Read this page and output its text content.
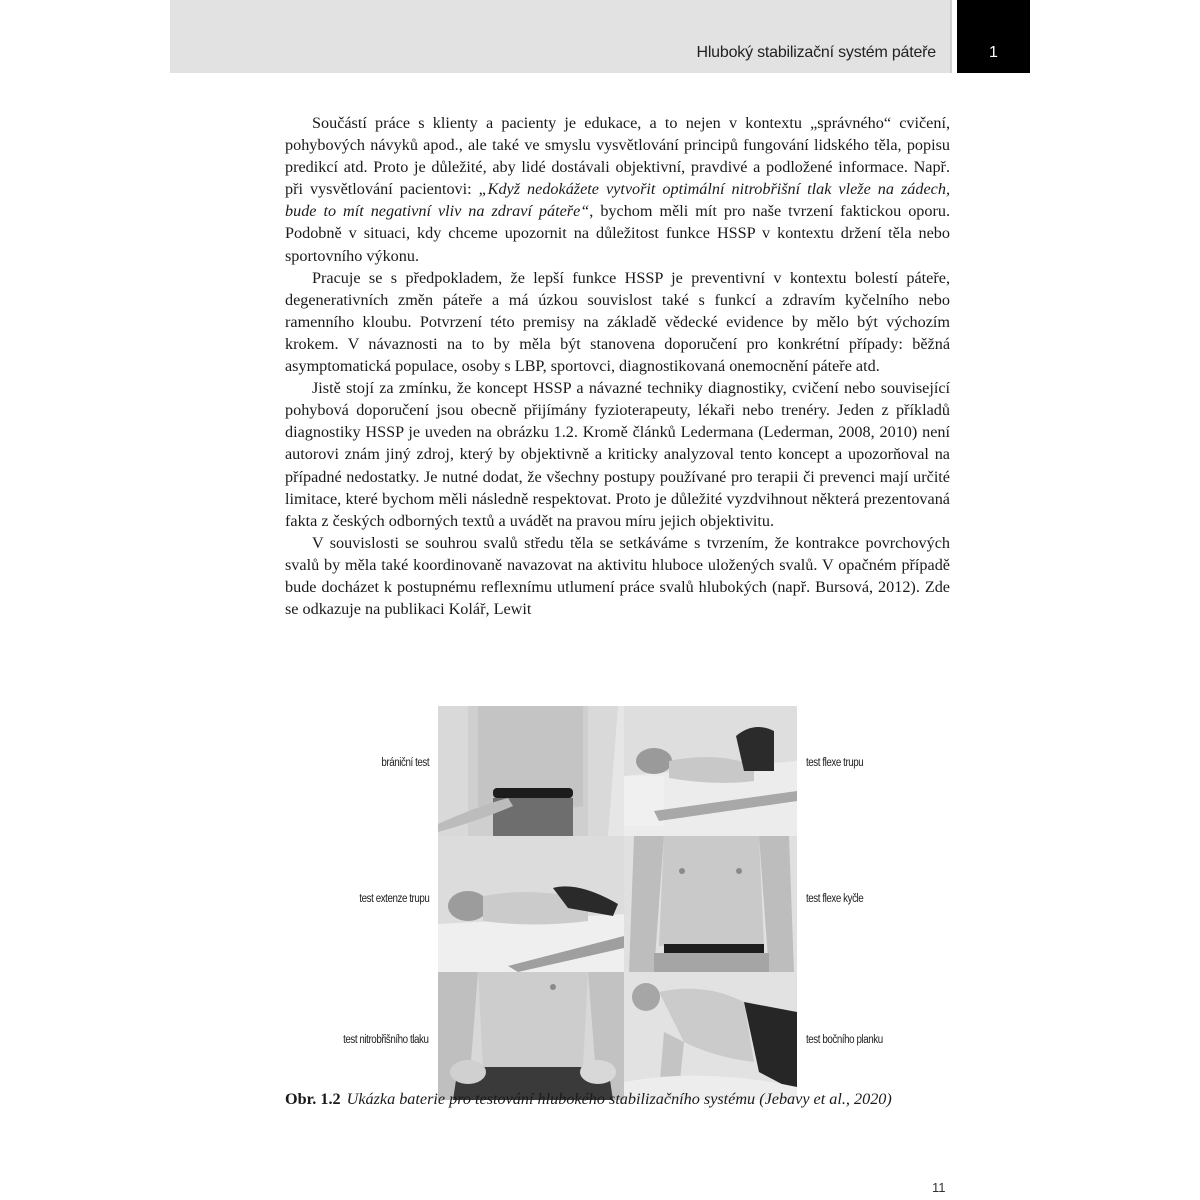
Hluboký stabilizační systém páteře	1

Součástí práce s klienty a pacienty je edukace, a to nejen v kontextu „správného“ cvičení, pohybových návyků apod., ale také ve smyslu vysvětlování principů fungování lidského těla, popisu predikcí atd. Proto je důležité, aby lidé dostávali objektivní, pravdivé a podložené informace. Např. při vysvětlování pacientovi: „Když nedokážete vytvořit optimální nitrobřišní tlak vleže na zádech, bude to mít negativní vliv na zdraví páteře“, bychom měli mít pro naše tvrzení faktickou oporu. Podobně v situaci, kdy chceme upozornit na důležitost funkce HSSP v kontextu držení těla nebo sportovního výkonu.

Pracuje se s předpokladem, že lepší funkce HSSP je preventivní v kontextu bolestí páteře, degenerativních změn páteře a má úzkou souvislost také s funkcí a zdravím kyčelního nebo ramenního kloubu. Potvrzení této premisy na základě vědecké evidence by mělo být výchozím krokem. V návaznosti na to by měla být stanovena doporučení pro konkrétní případy: běžná asymptomatická populace, osoby s LBP, sportovci, diagnostikovaná onemocnění páteře atd.

Jistě stojí za zmínku, že koncept HSSP a návazné techniky diagnostiky, cvičení nebo související pohybová doporučení jsou obecně přijímány fyzioterapeuty, lékaři nebo trenéry. Jeden z příkladů diagnostiky HSSP je uveden na obrázku 1.2. Kromě článků Ledermana (Lederman, 2008, 2010) není autorovi znám jiný zdroj, který by objektivně a kriticky analyzoval tento koncept a upozorňoval na případné nedostatky. Je nutné dodat, že všechny postupy používané pro terapii či prevenci mají určité limitace, které bychom měli následně respektovat. Proto je důležité vyzdvihnout některá prezentovaná fakta z českých odborných textů a uvádět na pravou míru jejich objektivitu.

V souvislosti se souhrou svalů středu těla se setkáváme s tvrzením, že kontrakce povrchových svalů by měla také koordinovaně navazovat na aktivitu hluboce uložených svalů. V opačném případě bude docházet k postupnému reflexnímu utlumení práce svalů hlubokých (např. Bursová, 2012). Zde se odkazuje na publikaci Kolář, Lewit

brániční test
test extenze trupu
test nitrobřišního tlaku
test flexe trupu
test flexe kyčle
test bočního planku
Obr. 1.2 Ukázka baterie pro testování hlubokého stabilizačního systému (Jebavy et al., 2020)
11
